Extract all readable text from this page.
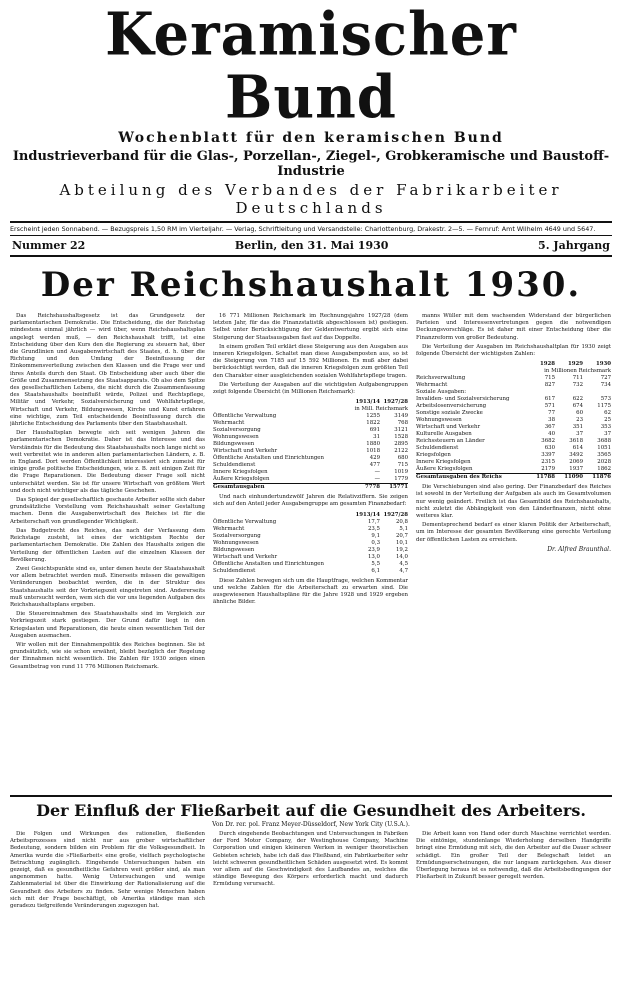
Keramischer Bund
Wochenblatt für den keramischen Bund
Industrieverband für die Glas-, Porzellan-, Ziegel-, Grobkeramische und Baustoff-Industrie
Abteilung des Verbandes der Fabrikarbeiter Deutschlands
Erscheint jeden Sonnabend. — Bezugspreis 1,50 RM im Vierteljahr. — Verlag, Schriftleitung und Versandstelle: Charlottenburg, Drakestr. 2—5. — Fernruf: Amt Wilhelm 4649 und 5647.
Nummer 22	Berlin, den 31. Mai 1930	5. Jahrgang
Der Reichshaushalt 1930.

Das Reichshaushaltsgesetz ist das Grundgesetz der parlamentarischen Demokratie. Die Entscheidung, die der Reichstag mindestens einmal jährlich — wird über, wenn Reichshaushaltsplan angelegt werden muß, — den Reichshaushalt trifft, ist eine Entscheidung über den Kurs den die Regierung zu steuern hat, über die Grundlinien und Ausgabenwirtschaft des Staates, d. h. über die Richtung und den Umfang der Beeinflussung der Einkommensverteilung zwischen den Klassen und die Frage wer und ihres Anteils durch den Staat. Ob Entscheidung aber auch über die Größe und Zusammensetzung des Staatsapparats. Ob also dem Spitze des gesellschaftlichen Lebens, die nicht durch die Zusammenfassung des Staatshaushalts beeinflußt würde, Polizei und Rechtspflege, Militär und Verkehr, Sozialversicherung und Wohlfahrtspflege, Wirtschaft und Verkehr, Bildungswesen, Kirche und Kunst erfahren eine wichtige, zum Teil entscheidende Beeinflussung durch die jährliche Entscheidung des Parlaments über den Staatshaushalt.

Der Haushaltsplan bewegte sich seit wenigen Jahren die parlamentarischen Demokratie. Daher ist das Interesse und das Verständnis für die Bedeutung des Staatshaushalts noch lange nicht so weit verbreitet wie in anderen alten parlamentarischen Ländern, z. B. in England. Dort werden Öffentlichkeit interessiert sich zumeist für einige große politische Entscheidungen, wie z. B. zeit einigen Zeit für die Frage Reparationen. Die Bedeutung dieser Frage soll nicht unterschätzt werden. Sie ist für unsere Wirtschaft von größtem Wert und doch nicht wichtiger als das tägliche Geschehen.

Das Spiegel der gesellschaftlich geschaute Arbeiter sollte sich daher grundsätzliche Vorstellung vom Reichshaushalt seiner Gestaltung machen. Denn die Ausgabenwirtschaft des Reiches ist für die Arbeiterschaft von grundlegender Wichtigkeit.

Das Budgetrecht des Reiches, das nach der Verfassung dem Reichstage zusteht, ist eines der wichtigsten Rechte der parlamentarischen Demokratie. Die Zahlen des Haushalts zeigen die Verteilung der öffentlichen Lasten auf die einzelnen Klassen der Bevölkerung.

Zwei Gesichtspunkte sind es, unter denen heute der Staatshaushalt vor allem betrachtet werden muß. Einerseits müssen die gewaltigen Veränderungen beobachtet werden, die in der Struktur des Staatshaushalts seit der Vorkriegszeit eingetreten sind. Andererseits muß untersucht werden, wem sich die vor uns liegenden Aufgaben des Reichshaushaltsplans ergeben.

Die Steuereinnahmen des Staatshaushalts sind im Vergleich zur Vorkriegszeit stark gestiegen. Der Grund dafür liegt in den Kriegslasten und Reparationen, die heute einen wesentlichen Teil der Ausgaben ausmachen.

Wir wollen mit der Einnahmenpolitik des Reiches beginnen. Sie ist grundsätzlich, wie sie schon erwähnt, bleibt bezüglich der Regelung der Einnahmen nicht wesentlich. Die Zahlen für 1930 zeigen einen Gesamtbetrag von rund 11 776 Millionen Reichsmark.

16 771 Millionen Reichsmark im Rechnungsjahre 1927/28 (dem letzten Jahr, für das die Finanzstatistik abgeschlossen ist) gestiegen. Selbst unter Berücksichtigung der Geldentwertung ergibt sich eine Steigerung der Staatsausgaben fast auf das Doppelte.

In einem großen Teil erklärt diese Steigerung aus den Ausgaben aus inneren Kriegsfolgen. Schaltet man diese Ausgabenposten aus, so ist die Steigerung von 7185 auf 15 592 Millionen. Es muß aber dabei berücksichtigt werden, daß die inneren Kriegsfolgen zum größten Teil den Charakter einer ausgleichenden sozialen Wohlfahrtspflege tragen.

Die Verteilung der Ausgaben auf die wichtigsten Aufgabengruppen zeigt folgende Übersicht (in Millionen Reichsmark):

	1913/14	1927/28
in Mill. Reichsmark		
Öffentliche Verwaltung	1255	3149
Wehrmacht	1822	768
Sozialversorgung	691	3121
Wohnungswesen	31	1528
Bildungswesen	1880	2895
Wirtschaft und Verkehr	1018	2122
Öffentliche Anstalten und Einrichtungen	429	680
Schuldendienst	477	715
Innere Kriegsfolgen	—	1019
Äußere Kriegsfolgen	—	1779
Gesamtausgaben	7778	15771

Und nach einhundertundzwölf Jahren die Relativziffern. Sie zeigen sich auf den Anteil jeder Ausgabengruppe am gesamten Finanzbedarf:

	1913/14	1927/28
Öffentliche Verwaltung	17,7	20,8
Wehrmacht	23,5	5,1
Sozialversorgung	9,1	20,7
Wohnungswesen	0,3	10,1
Bildungswesen	23,9	19,2
Wirtschaft und Verkehr	13,0	14,0
Öffentliche Anstalten und Einrichtungen	5,5	4,5
Schuldendienst	6,1	4,7

Diese Zahlen bewegen sich um die Hauptfrage, welchen Kommentar und welche Zahlen für die Arbeiterschaft zu erwarten sind. Die ausgewiesenen Haushaltspläne für die Jahre 1928 und 1929 ergeben ähnliche Bilder.

manns Wüller mit dem wachsenden Widerstand der bürgerlichen Parteien und Interessenvertretungen gegen die notwendigen Deckungsvorschläge. Es ist daher mit einer Entscheidung über die Finanzreform von großer Bedeutung.

Die Verteilung der Ausgaben im Reichshaushaltplan für 1930 zeigt folgende Übersicht der wichtigsten Zahlen:

	1928	1929	1930
in Millionen Reichsmark			
Reichsverwaltung	715	711	727
Wehrmacht	827	732	734
Soziale Ausgaben:			
Invaliden- und Sozialversicherung	617	622	573
Arbeitslosenversicherung	571	674	1175
Sonstige soziale Zwecke	77	60	62
Wohnungswesen	38	23	25
Wirtschaft und Verkehr	367	351	353
Kulturelle Ausgaben	40	37	37
Reichssteuern an Länder	3682	3618	3688
Schuldendienst	630	614	1051
Kriegsfolgen	3397	3492	3565
Innere Kriegsfolgen	2315	2069	2028
Äußere Kriegsfolgen	2179	1937	1862
Gesamtausgaben des Reichs	11788	11090	11876

Die Verschiebungen sind also gering. Der Finanzbedarf des Reiches ist sowohl in der Verteilung der Aufgaben als auch im Gesamtvolumen nur wenig geändert. Freilich ist das Gesamtbild des Reichshaushalts, nicht zuletzt die Abhängigkeit von den Länderfinanzen, nicht ohne weiteres klar.

Dementsprechend bedarf es einer klaren Politik der Arbeiterschaft, um im Interesse der gesamten Bevölkerung eine gerechte Verteilung der öffentlichen Lasten zu erreichen.

Dr. Alfred Braunthal.
Der Einfluß der Fließarbeit auf die Gesundheit des Arbeiters.
Von Dr. rer. pol. Franz Meyer-Düsseldorf, New York City (U.S.A.).

Die Folgen und Wirkungen des rationellen, fließenden Arbeitsprozesses sind nicht nur aus grober wirtschaftlicher Bedeutung, sondern bilden ein Problem für die Volksgesundheit. In Amerika wurde die »Fließarbeit« eine große, vielfach psychologische Betrachtung zugänglich. Eingehende Untersuchungen haben ein gezeigt, daß es gesundheitliche Gefahren weit größer sind, als man angenommen hatte. Wenig Untersuchungen und wenige Zahlenmaterial ist über die Einwirkung der Rationalisierung auf die Gesundheit des Arbeiters zu finden. Sehr wenige Menschen haben sich mit der Frage beschäftigt, ob Amerika ständige man sich geradezu tiefgreifende Veränderungen zugezogen hat.

Durch eingehende Beobachtungen und Untersuchungen in Fabriken der Ford Motor Company, der Westinghouse Company, Machine Corporation und einigen kleineren Werken in weniger theoretischen Gebieten schrieb, habe ich daß das Fließband, ein Fabrikarbeiter sehr leicht schweren gesundheitlichen Schäden ausgesetzt wird. Es kommt vor allem auf die Geschwindigkeit des Laufbandes an, welches die ständige Bewegung des Körpers erforderlich macht und dadurch Ermüdung verursacht.

Die Arbeit kann von Hand oder durch Maschine verrichtet werden. Die eintönige, stundenlange Wiederholung derselben Handgriffe bringt eine Ermüdung mit sich, die den Arbeiter auf die Dauer schwer schädigt. Ein großer Teil der Belegschaft leidet an Ermüdungserscheinungen, die nur langsam zurückgehen. Aus dieser Überlegung heraus ist es notwendig, daß die Arbeitsbedingungen der Fließarbeit in Zukunft besser geregelt werden.
